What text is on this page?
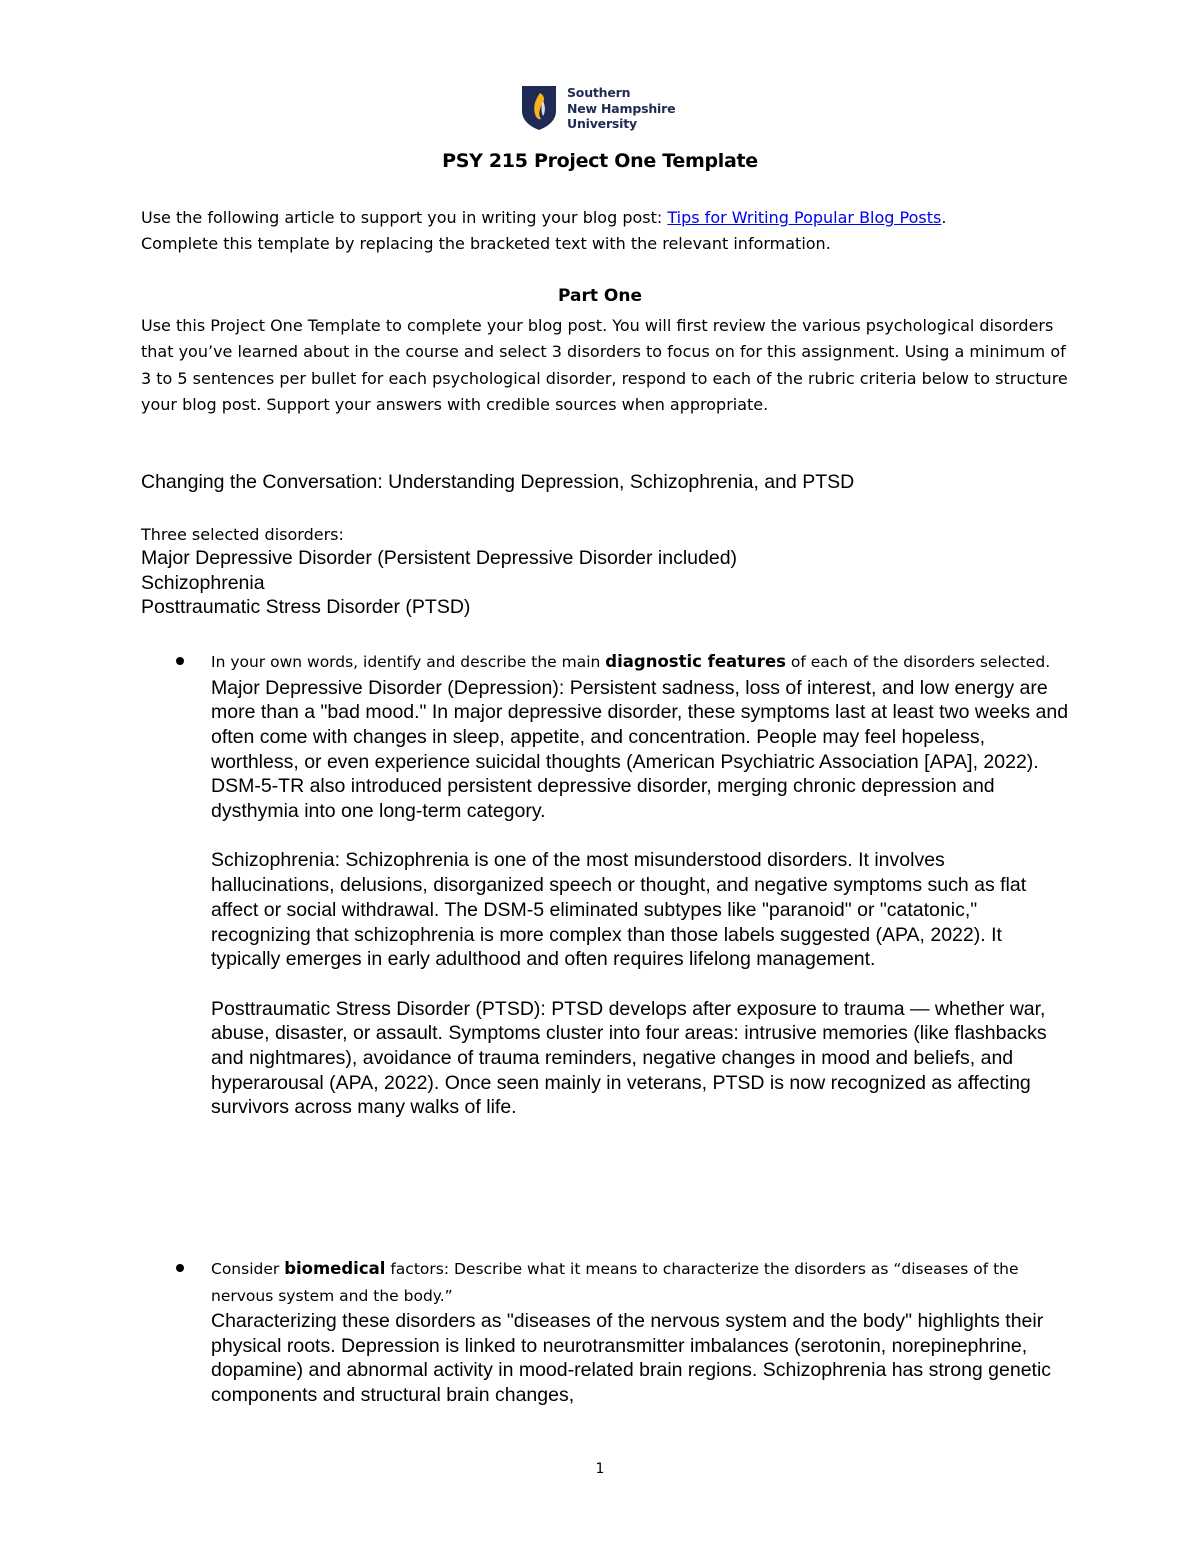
Southern
New Hampshire
University
PSY 215 Project One Template
Use the following article to support you in writing your blog post: Tips for Writing Popular Blog Posts.
Complete this template by replacing the bracketed text with the relevant information.
Part One
Use this Project One Template to complete your blog post. You will first review the various psychological disorders that you’ve learned about in the course and select 3 disorders to focus on for this assignment. Using a minimum of 3 to 5 sentences per bullet for each psychological disorder, respond to each of the rubric criteria below to structure your blog post. Support your answers with credible sources when appropriate.
Changing the Conversation: Understanding Depression, Schizophrenia, and PTSD
Three selected disorders:
Major Depressive Disorder (Persistent Depressive Disorder included)
Schizophrenia
Posttraumatic Stress Disorder (PTSD)
In your own words, identify and describe the main diagnostic features of each of the disorders selected.

Major Depressive Disorder (Depression): Persistent sadness, loss of interest, and low energy are more than a "bad mood." In major depressive disorder, these symptoms last at least two weeks and often come with changes in sleep, appetite, and concentration. People may feel hopeless, worthless, or even experience suicidal thoughts (American Psychiatric Association [APA], 2022). DSM-5-TR also introduced persistent depressive disorder, merging chronic depression and dysthymia into one long-term category.

Schizophrenia: Schizophrenia is one of the most misunderstood disorders. It involves hallucinations, delusions, disorganized speech or thought, and negative symptoms such as flat affect or social withdrawal. The DSM-5 eliminated subtypes like "paranoid" or "catatonic," recognizing that schizophrenia is more complex than those labels suggested (APA, 2022). It typically emerges in early adulthood and often requires lifelong management.

Posttraumatic Stress Disorder (PTSD): PTSD develops after exposure to trauma — whether war, abuse, disaster, or assault. Symptoms cluster into four areas: intrusive memories (like flashbacks and nightmares), avoidance of trauma reminders, negative changes in mood and beliefs, and hyperarousal (APA, 2022). Once seen mainly in veterans, PTSD is now recognized as affecting survivors across many walks of life.

Consider biomedical factors: Describe what it means to characterize the disorders as “diseases of the nervous system and the body.”

Characterizing these disorders as "diseases of the nervous system and the body" highlights their physical roots. Depression is linked to neurotransmitter imbalances (serotonin, norepinephrine, dopamine) and abnormal activity in mood-related brain regions. Schizophrenia has strong genetic components and structural brain changes,

1
